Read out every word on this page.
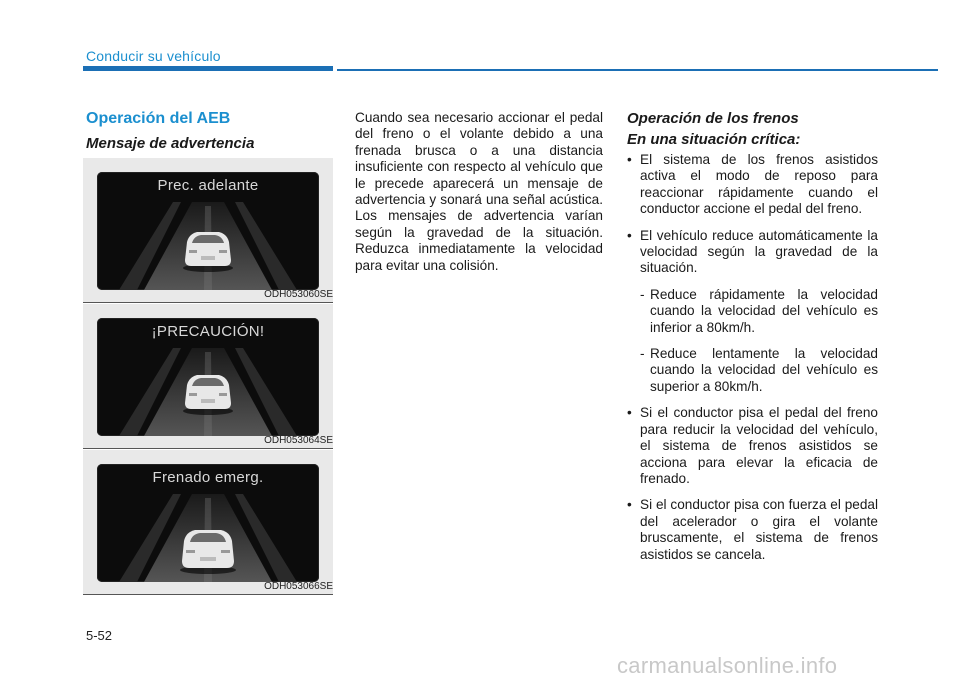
Conducir su vehículo
Operación del AEB
Mensaje de advertencia
Prec. adelante
ODH053060SE
¡PRECAUCIÓN!
ODH053064SE
Frenado emerg.
ODH053066SE
Cuando sea necesario accionar el pedal del freno o el volante debido a una frenada brusca o a una distancia insuficiente con respecto al vehículo que le precede aparecerá un mensaje de advertencia y sonará una señal acústica. Los mensajes de advertencia varían según la gravedad de la situación. Reduzca inmediatamente la velocidad para evitar una colisión.
Operación de los frenos
En una situación crítica:
• El sistema de los frenos asistidos activa el modo de reposo para reaccionar rápidamente cuando el conductor accione el pedal del freno.
• El vehículo reduce automáticamente la velocidad según la gravedad de la situación.
- Reduce rápidamente la velocidad cuando la velocidad del vehículo es inferior a 80km/h.
- Reduce lentamente la velocidad cuando la velocidad del vehículo es superior a 80km/h.
• Si el conductor pisa el pedal del freno para reducir la velocidad del vehículo, el sistema de frenos asistidos se acciona para elevar la eficacia de frenado.
• Si el conductor pisa con fuerza el pedal del acelerador o gira el volante bruscamente, el sistema de frenos asistidos se cancela.
5-52
carmanualsonline.info
